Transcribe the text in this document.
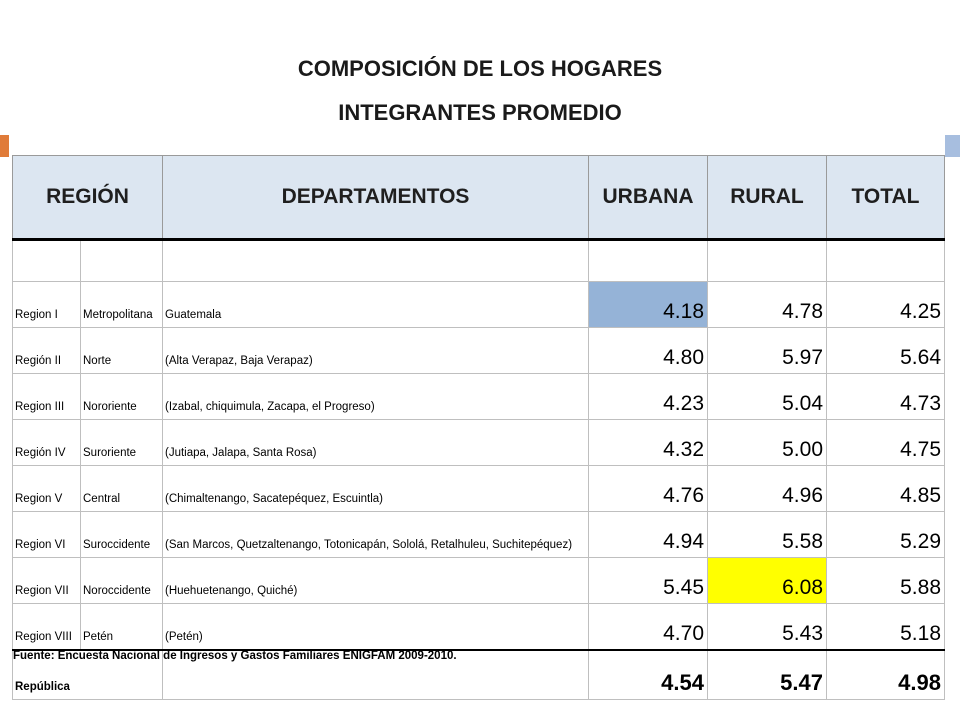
COMPOSICIÓN DE LOS HOGARES
INTEGRANTES PROMEDIO
REGIÓN		DEPARTAMENTOS	URBANA	RURAL	TOTAL

Region I	Metropolitana	Guatemala	4.18	4.78	4.25
Región II	Norte	(Alta Verapaz, Baja Verapaz)	4.80	5.97	5.64
Region III	Nororiente	(Izabal, chiquimula, Zacapa, el Progreso)	4.23	5.04	4.73
Región IV	Suroriente	(Jutiapa, Jalapa, Santa Rosa)	4.32	5.00	4.75
Region V	Central	(Chimaltenango, Sacatepéquez, Escuintla)	4.76	4.96	4.85
Region VI	Suroccidente	(San Marcos, Quetzaltenango, Totonicapán, Sololá, Retalhuleu, Suchitepéquez)	4.94	5.58	5.29
Region VII	Noroccidente	(Huehuetenango, Quiché)	5.45	6.08	5.88
Region VIII	Petén	(Petén)	4.70	5.43	5.18
República			4.54	5.47	4.98
Fuente: Encuesta Nacional de Ingresos y Gastos Familiares ENIGFAM 2009-2010.
